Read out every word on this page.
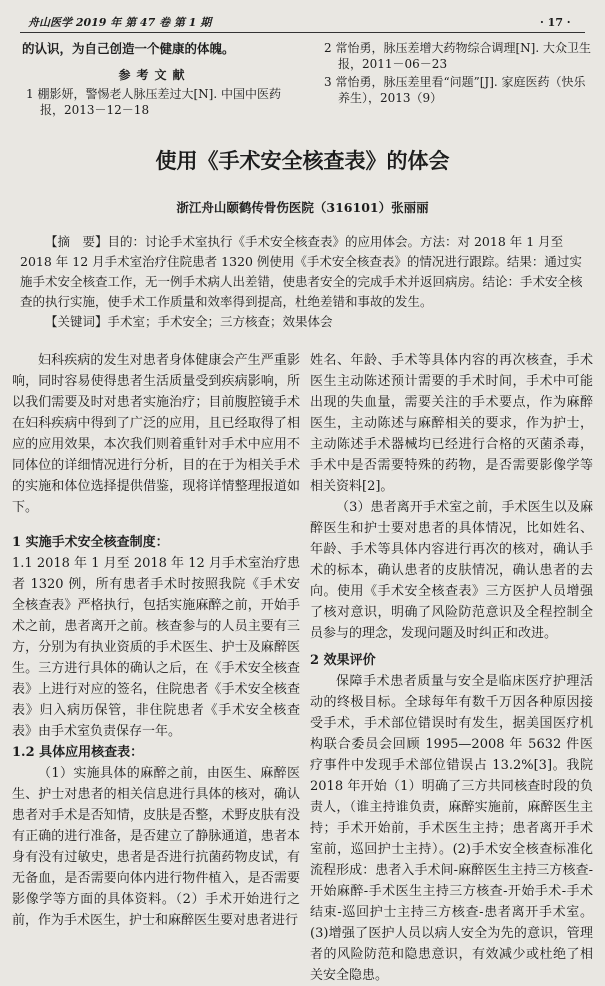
舟山医学 2019 年 第 47 卷 第 1 期	· 17 ·

的认识，为自己创造一个健康的体魄。

参考文献

1 棚影妍，警惕老人脉压差过大[N]. 中国中医药报，2013－12－18

2 常怡勇，脉压差增大药物综合调理[N]. 大众卫生报，2011－06－23

3 常怡勇，脉压差里看“问题”[J]. 家庭医药（快乐养生），2013（9）

使用《手术安全核查表》的体会
浙江舟山颐鹤传骨伤医院（316101）张丽丽

【摘　要】目的：讨论手术室执行《手术安全核查表》的应用体会。方法：对 2018 年 1 月至 2018 年 12 月手术室治疗住院患者 1320 例使用《手术安全核查表》的情况进行跟踪。结果：通过实施手术安全核查工作，无一例手术病人出差错，使患者安全的完成手术并返回病房。结论：手术安全核查的执行实施，使手术工作质量和效率得到提高，杜绝差错和事故的发生。

【关键词】手术室；手术安全；三方核查；效果体会

妇科疾病的发生对患者身体健康会产生严重影响，同时容易使得患者生活质量受到疾病影响，所以我们需要及时对患者实施治疗；目前腹腔镜手术在妇科疾病中得到了广泛的应用，且已经取得了相应的应用效果，本次我们则着重针对手术中应用不同体位的详细情况进行分析，目的在于为相关手术的实施和体位选择提供借鉴，现将详情整理报道如下。

1 实施手术安全核查制度：

1.1 2018 年 1 月至 2018 年 12 月手术室治疗患者 1320 例，所有患者手术时按照我院《手术安全核查表》严格执行，包括实施麻醉之前，开始手术之前，患者离开之前。核查参与的人员主要有三方，分别为有执业资质的手术医生、护士及麻醉医生。三方进行具体的确认之后，在《手术安全核查表》上进行对应的签名，住院患者《手术安全核查表》归入病历保管，非住院患者《手术安全核查表》由手术室负责保存一年。

1.2 具体应用核查表：

（1）实施具体的麻醉之前，由医生、麻醉医生、护士对患者的相关信息进行具体的核对，确认患者对手术是否知情，皮肤是否整，术野皮肤有没有正确的进行准备，是否建立了静脉通道，患者本身有没有过敏史，患者是否进行抗菌药物皮试，有无备血，是否需要向体内进行物件植入，是否需要影像学等方面的具体资料。（2）手术开始进行之前，作为手术医生，护士和麻醉医生要对患者进行

姓名、年龄、手术等具体内容的再次核查，手术医生主动陈述预计需要的手术时间，手术中可能出现的失血量，需要关注的手术要点，作为麻醉医生，主动陈述与麻醉相关的要求，作为护士，主动陈述手术器械均已经进行合格的灭菌杀毒，手术中是否需要特殊的药物，是否需要影像学等相关资料[2]。

（3）患者离开手术室之前，手术医生以及麻醉医生和护士要对患者的具体情况，比如姓名、年龄、手术等具体内容进行再次的核对，确认手术的标本，确认患者的皮肤情况，确认患者的去向。使用《手术安全核查表》三方医护人员增强了核对意识，明确了风险防范意识及全程控制全员参与的理念，发现问题及时纠正和改进。

2 效果评价

保障手术患者质量与安全是临床医疗护理活动的终极目标。全球每年有数千万因各种原因接受手术，手术部位错误时有发生，据美国医疗机构联合委员会回顾 1995—2008 年 5632 件医疗事件中发现手术部位错误占 13.2%[3]。我院 2018 年开始（1）明确了三方共同核查时段的负责人，（谁主持谁负责，麻醉实施前，麻醉医生主持；手术开始前，手术医生主持；患者离开手术室前，巡回护士主持）。(2)手术安全核查标准化流程形成：患者入手术间-麻醉医生主持三方核查-开始麻醉-手术医生主持三方核查-开始手术-手术结束-巡回护士主持三方核查-患者离开手术室。(3)增强了医护人员以病人安全为先的意识，管理者的风险防范和隐患意识，有效减少或杜绝了相关安全隐患。
